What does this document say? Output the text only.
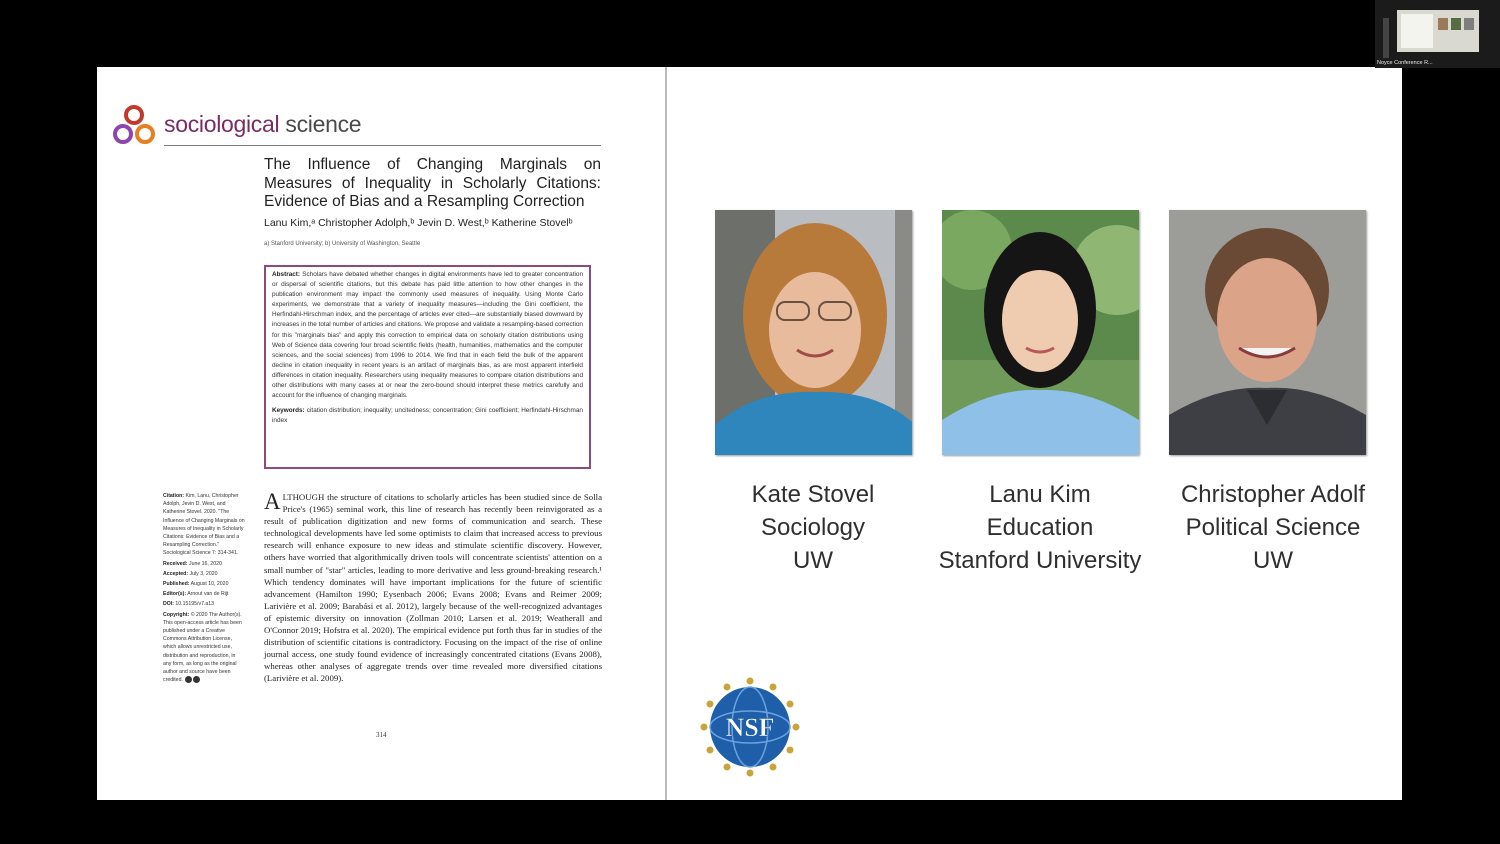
sociological science
The Influence of Changing Marginals on Measures of Inequality in Scholarly Citations: Evidence of Bias and a Resampling Correction
Lanu Kim,ᵃ Christopher Adolph,ᵇ Jevin D. West,ᵇ Katherine Stovelᵇ
a) Stanford University; b) University of Washington, Seattle
Abstract: Scholars have debated whether changes in digital environments have led to greater concentration or dispersal of scientific citations, but this debate has paid little attention to how other changes in the publication environment may impact the commonly used measures of inequality. Using Monte Carlo experiments, we demonstrate that a variety of inequality measures—including the Gini coefficient, the Herfindahl-Hirschman index, and the percentage of articles ever cited—are substantially biased downward by increases in the total number of articles and citations. We propose and validate a resampling-based correction for this "marginals bias" and apply this correction to empirical data on scholarly citation distributions using Web of Science data covering four broad scientific fields (health, humanities, mathematics and the computer sciences, and the social sciences) from 1996 to 2014. We find that in each field the bulk of the apparent decline in citation inequality in recent years is an artifact of marginals bias, as are most apparent interfield differences in citation inequality. Researchers using inequality measures to compare citation distributions and other distributions with many cases at or near the zero-bound should interpret these metrics carefully and account for the influence of changing marginals.
Keywords: citation distribution; inequality; uncitedness; concentration; Gini coefficient; Herfindahl-Hirschman index
Citation: Kim, Lanu, Christopher Adolph, Jevin D. West, and Katherine Stovel. 2020. "The Influence of Changing Marginals on Measures of Inequality in Scholarly Citations: Evidence of Bias and a Resampling Correction." Sociological Science 7: 314-341.
Received: June 16, 2020
Accepted: July 3, 2020
Published: August 10, 2020
Editor(s): Arnout van de Rijt
DOI: 10.15195/v7.a13
Copyright: © 2020 The Author(s). This open-access article has been published under a Creative Commons Attribution License, which allows unrestricted use, distribution and reproduction, in any form, as long as the original author and source have been credited.
ALTHOUGH the structure of citations to scholarly articles has been studied since de Solla Price's (1965) seminal work, this line of research has recently been reinvigorated as a result of publication digitization and new forms of communication and search. These technological developments have led some optimists to claim that increased access to previous research will enhance exposure to new ideas and stimulate scientific discovery. However, others have worried that algorithmically driven tools will concentrate scientists' attention on a small number of "star" articles, leading to more derivative and less ground-breaking research.¹ Which tendency dominates will have important implications for the future of scientific advancement (Hamilton 1990; Eysenbach 2006; Evans 2008; Evans and Reimer 2009; Larivière et al. 2009; Barabási et al. 2012), largely because of the well-recognized advantages of epistemic diversity on innovation (Zollman 2010; Larsen et al. 2019; Weatherall and O'Connor 2019; Hofstra et al. 2020). The empirical evidence put forth thus far in studies of the distribution of scientific citations is contradictory. Focusing on the impact of the rise of online journal access, one study found evidence of increasingly concentrated citations (Evans 2008), whereas other analyses of aggregate trends over time revealed more diversified citations (Larivière et al. 2009).
314
Kate Stovel
Sociology
UW
Lanu Kim
Education
Stanford University
Christopher Adolf
Political Science
UW
NSF
Noyce Conference R...
